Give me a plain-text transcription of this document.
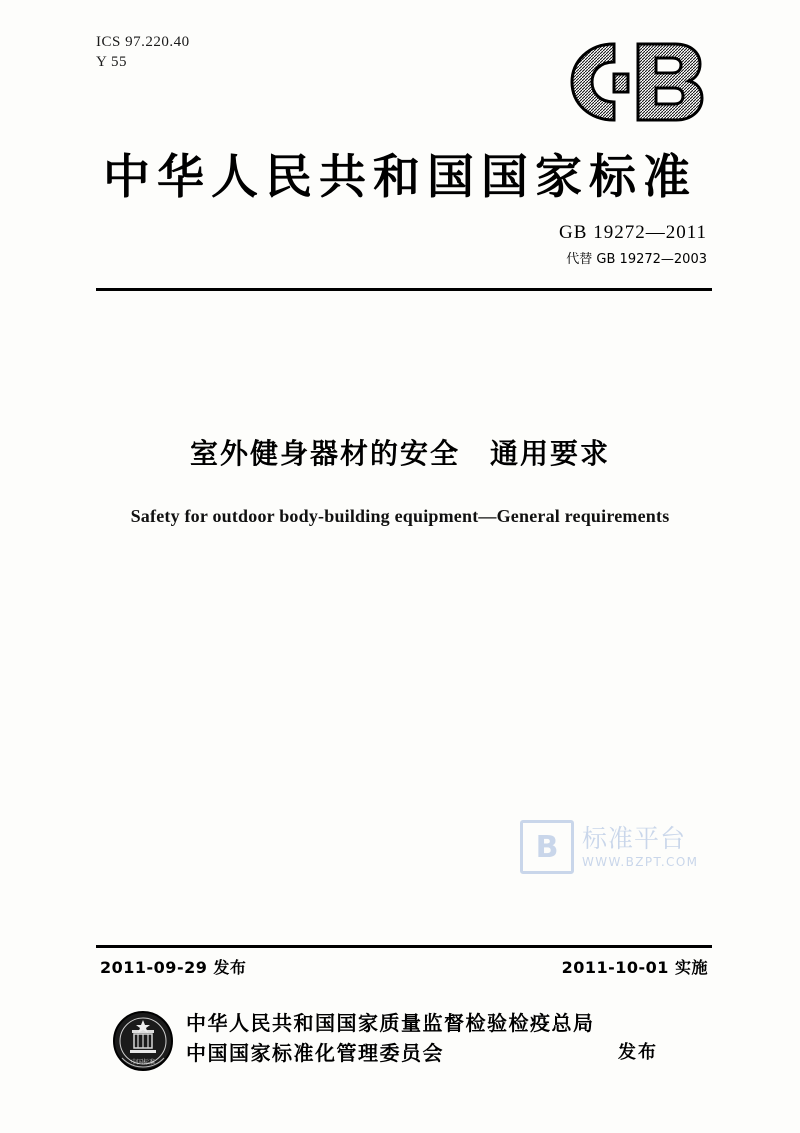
ICS 97.220.40
Y 55
中华人民共和国国家标准
GB 19272—2011
代替 GB 19272—2003
室外健身器材的安全　通用要求
Safety for outdoor body-building equipment—General requirements
B 标准平台
WWW.BZPT.COM
2011-09-29 发布	2011-10-01 实施
中国标准
中华人民共和国国家质量监督检验检疫总局
中国国家标准化管理委员会	发布
